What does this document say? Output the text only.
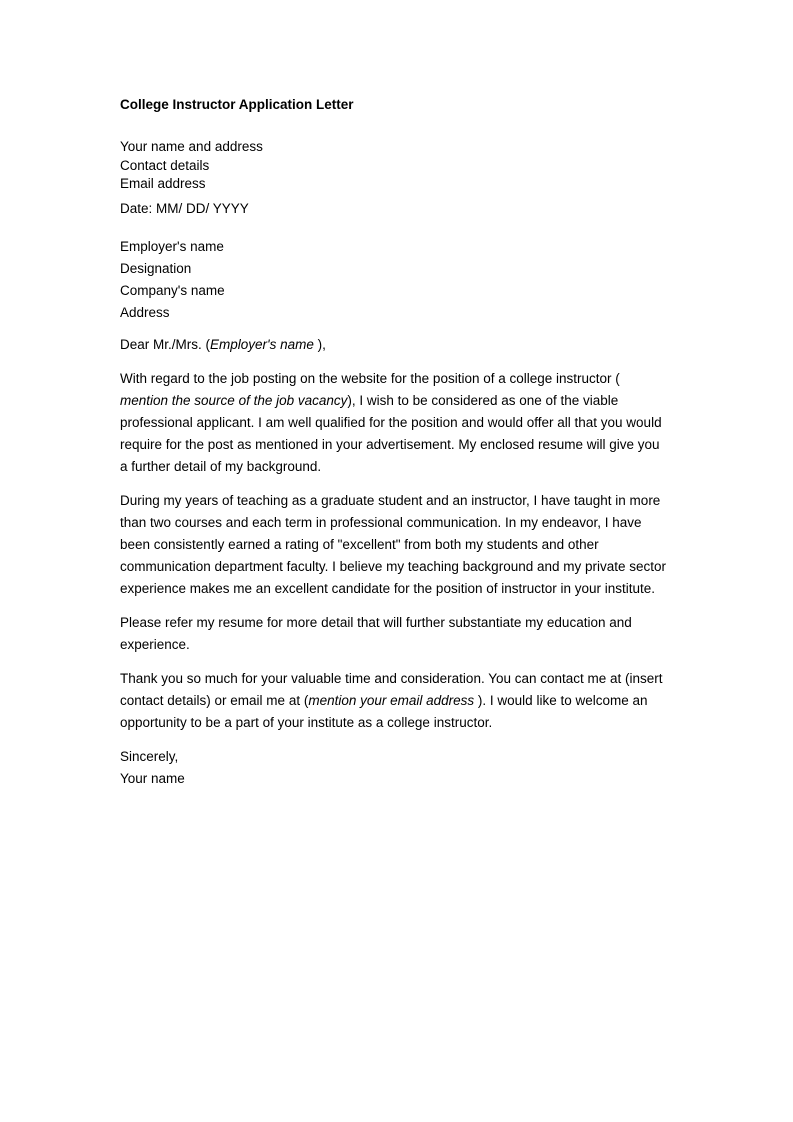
College Instructor Application Letter
Your name and address
Contact details
Email address
Date: MM/ DD/ YYYY
Employer's name
Designation
Company's name
Address

Dear Mr./Mrs. (Employer's name ),

With regard to the job posting on the website for the position of a college instructor (  mention the source of the job vacancy), I wish to be considered as one of the viable professional applicant. I am well qualified for the position and would offer all that you would require for the post as mentioned in your advertisement. My enclosed resume will give you a further detail of my background.

During my years of teaching as a graduate student and an instructor, I have taught in more than two courses and each term in professional communication. In my endeavor, I have been consistently earned a rating of "excellent" from both my students and other communication department faculty. I believe my teaching background and my private sector experience makes me an excellent candidate for the position of instructor in your institute.

Please refer my resume for more detail that will further substantiate my education and experience.

Thank you so much for your valuable time and consideration. You can contact me at (insert contact details) or email me at (mention your email address ). I would like to welcome an opportunity to be a part of your institute as a college instructor.

Sincerely,
Your name
